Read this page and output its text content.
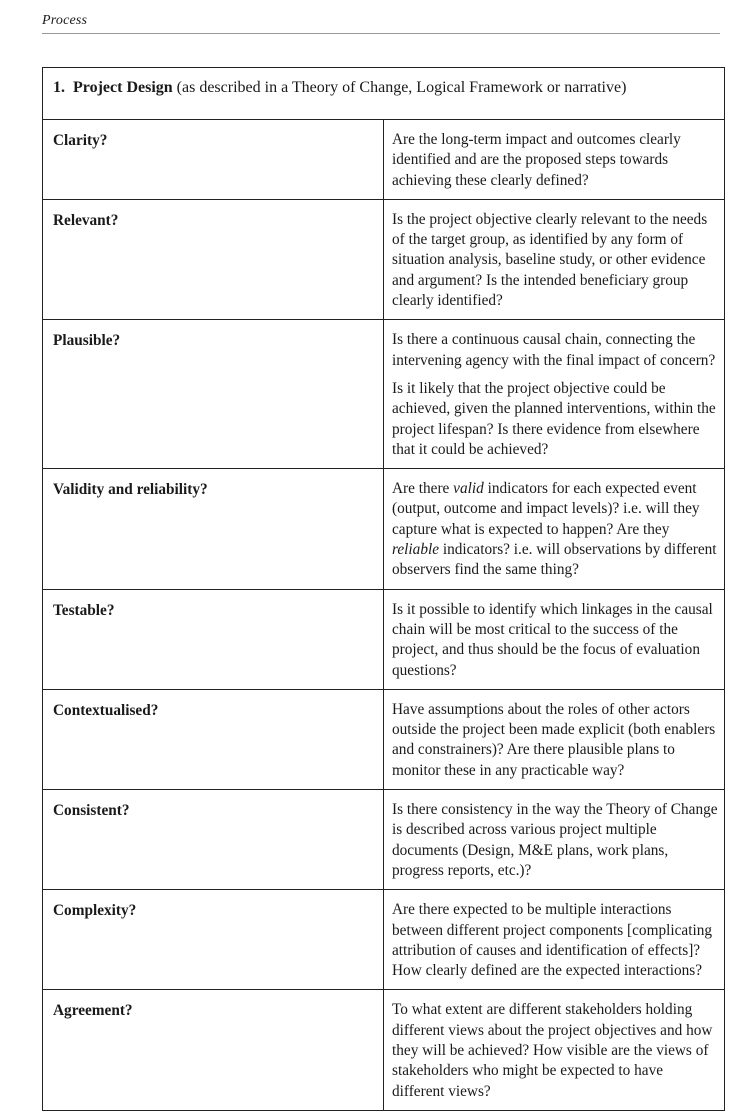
Process
1. Project Design (as described in a Theory of Change, Logical Framework or narrative)	
Clarity?	Are the long-term impact and outcomes clearly identified and are the proposed steps towards achieving these clearly defined?

Relevant?	Is the project objective clearly relevant to the needs of the target group, as identified by any form of situation analysis, baseline study, or other evidence and argument? Is the intended beneficiary group clearly identified?

Plausible?	Is there a continuous causal chain, connecting the intervening agency with the final impact of concern?

Is it likely that the project objective could be achieved, given the planned interventions, within the project lifespan? Is there evidence from elsewhere that it could be achieved?

Validity and reliability?	Are there valid indicators for each expected event (output, outcome and impact levels)? i.e. will they capture what is expected to happen? Are they reliable indicators? i.e. will observations by different observers find the same thing?

Testable?	Is it possible to identify which linkages in the causal chain will be most critical to the success of the project, and thus should be the focus of evaluation questions?

Contextualised?	Have assumptions about the roles of other actors outside the project been made explicit (both enablers and constrainers)? Are there plausible plans to monitor these in any practicable way?

Consistent?	Is there consistency in the way the Theory of Change is described across various project multiple documents (Design, M&E plans, work plans, progress reports, etc.)?

Complexity?	Are there expected to be multiple interactions between different project components [complicating attribution of causes and identification of effects]? How clearly defined are the expected interactions?

Agreement?	To what extent are different stakeholders holding different views about the project objectives and how they will be achieved? How visible are the views of stakeholders who might be expected to have different views?
